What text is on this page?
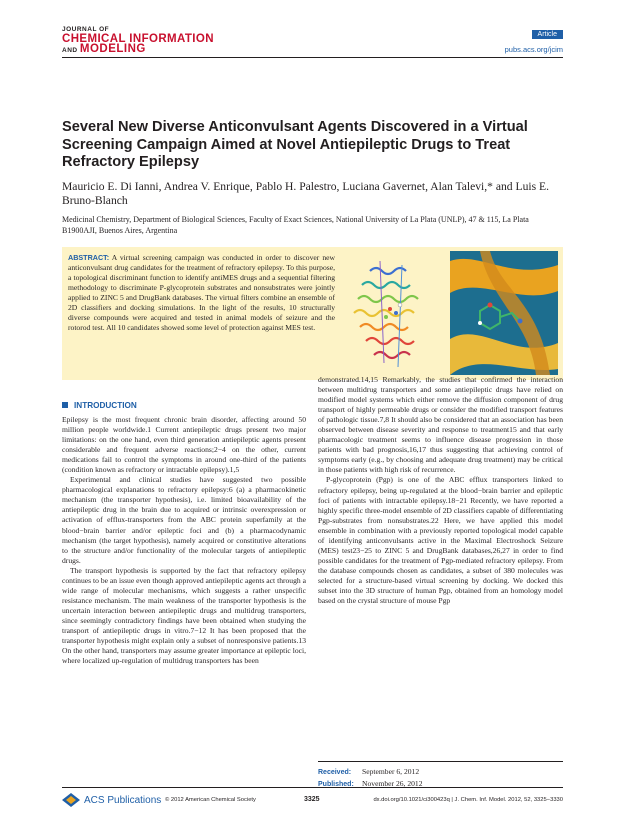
JOURNAL OF
CHEMICAL INFORMATION
AND MODELING
Article
pubs.acs.org/jcim
Several New Diverse Anticonvulsant Agents Discovered in a Virtual Screening Campaign Aimed at Novel Antiepileptic Drugs to Treat Refractory Epilepsy
Mauricio E. Di Ianni, Andrea V. Enrique, Pablo H. Palestro, Luciana Gavernet, Alan Talevi,* and Luis E. Bruno-Blanch
Medicinal Chemistry, Department of Biological Sciences, Faculty of Exact Sciences, National University of La Plata (UNLP), 47 & 115, La Plata B1900AJI, Buenos Aires, Argentina
ABSTRACT: A virtual screening campaign was conducted in order to discover new anticonvulsant drug candidates for the treatment of refractory epilepsy. To this purpose, a topological discriminant function to identify antiMES drugs and a sequential filtering methodology to discriminate P-glycoprotein substrates and nonsubstrates were jointly applied to ZINC 5 and DrugBank databases. The virtual filters combine an ensemble of 2D classifiers and docking simulations. In the light of the results, 10 structurally diverse compounds were acquired and tested in animal models of seizure and the rotorod test. All 10 candidates showed some level of protection against MES test.
INTRODUCTION

Epilepsy is the most frequent chronic brain disorder, affecting around 50 million people worldwide.1 Current antiepileptic drugs present two major limitations: on the one hand, even third generation antiepileptic agents present considerable and frequent adverse reactions;2−4 on the other, current medications fail to control the symptoms in around one-third of the patients (condition known as refractory or intractable epilepsy).1,5

Experimental and clinical studies have suggested two possible pharmacological explanations to refractory epilepsy:6 (a) a pharmacokinetic mechanism (the transporter hypothesis), i.e. limited bioavailability of the antiepileptic drug in the brain due to acquired or intrinsic overexpression or activation of efflux-transporters from the ABC protein superfamily at the blood−brain barrier and/or epileptic foci and (b) a pharmacodynamic mechanism (the target hypothesis), namely acquired or constitutive alterations to the structure and/or functionality of the molecular targets of antiepileptic drugs.

The transport hypothesis is supported by the fact that refractory epilepsy continues to be an issue even though approved antiepileptic agents act through a wide range of molecular mechanisms, which suggests a rather unspecific resistance mechanism. The main weakness of the transporter hypothesis is the uncertain interaction between antiepileptic drugs and multidrug transporters, since seemingly contradictory findings have been obtained when studying the transport of antiepileptic drugs in vitro.7−12 It has been proposed that the transporter hypothesis might explain only a subset of nonresponsive patients.13 On the other hand, transporters may assume greater importance at epileptic loci, where localized up-regulation of multidrug transporters has been

demonstrated.14,15 Remarkably, the studies that confirmed the interaction between multidrug transporters and some antiepileptic drugs have relied on modified model systems which either remove the diffusion component of drug transport of highly permeable drugs or consider the modified transport features of pathologic tissue.7,8 It should also be considered that an association has been observed between disease severity and response to treatment15 and that early pharmacologic treatment seems to influence disease progression in those patients with bad prognosis,16,17 thus suggesting that achieving control of symptoms early (e.g., by choosing and adequate drug treatment) may be critical in those patients with high risk of recurrence.

P-glycoprotein (Pgp) is one of the ABC efflux transporters linked to refractory epilepsy, being up-regulated at the blood−brain barrier and epileptic foci of patients with intractable epilepsy.18−21 Recently, we have reported a highly specific three-model ensemble of 2D classifiers capable of differentiating Pgp-substrates from nonsubstrates.22 Here, we have applied this model ensemble in combination with a previously reported topological model capable of identifying anticonvulsants active in the Maximal Electroshock Seizure (MES) test23−25 to ZINC 5 and DrugBank databases,26,27 in order to find possible candidates for the treatment of Pgp-mediated refractory epilepsy. From the database compounds chosen as candidates, a subset of 380 molecules was selected for a structure-based virtual screening by docking. We docked this subset into the 3D structure of human Pgp, obtained from an homology model based on the crystal structure of mouse Pgp

Received: September 6, 2012
Published: November 26, 2012
ACS Publications © 2012 American Chemical Society	3325	dx.doi.org/10.1021/ci300423q | J. Chem. Inf. Model. 2012, 52, 3325−3330
